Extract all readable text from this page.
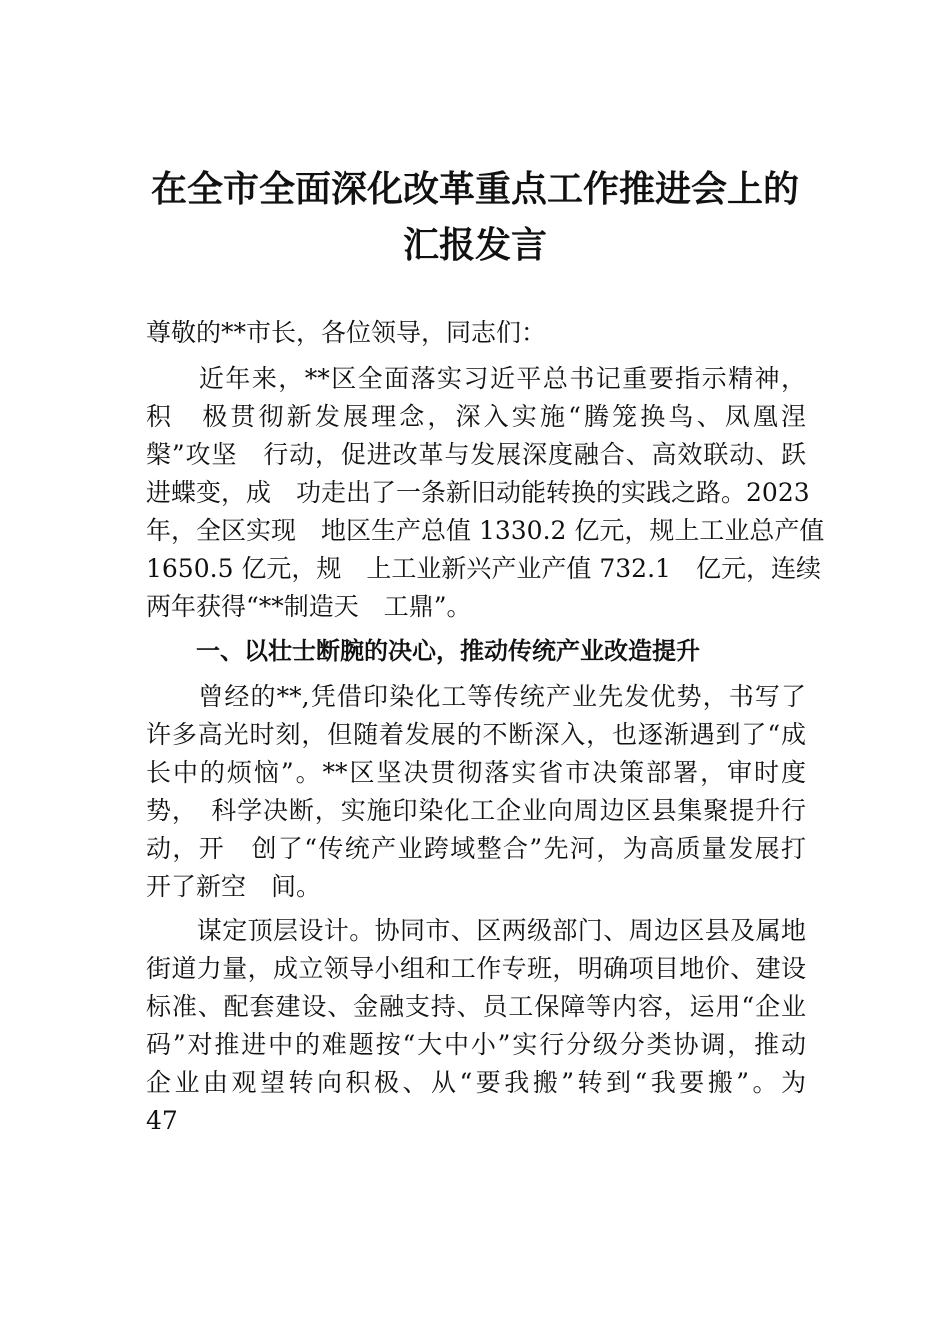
在全市全面深化改革重点工作推进会上的
汇报发言
尊敬的**市长，各位领导，同志们：
　　近年来，**区全面落实习近平总书记重要指示精神，
积　极贯彻新发展理念，深入实施“腾笼换鸟、凤凰涅
槃”攻坚　行动，促进改革与发展深度融合、高效联动、跃
进蝶变，成　功走出了一条新旧动能转换的实践之路。2023
年，全区实现　地区生产总值 1330.2 亿元，规上工业总产值
1650.5 亿元，规　上工业新兴产业产值 732.1　亿元，连续
两年获得“**制造天　工鼎”。
一、以壮士断腕的决心，推动传统产业改造提升
　　曾经的**,凭借印染化工等传统产业先发优势，书写了
许多高光时刻，但随着发展的不断深入，也逐渐遇到了“成
长中的烦恼”。**区坚决贯彻落实省市决策部署，审时度
势，　科学决断，实施印染化工企业向周边区县集聚提升行
动，开　创了“传统产业跨域整合”先河，为高质量发展打
开了新空　间。
　　谋定顶层设计。协同市、区两级部门、周边区县及属地
街道力量，成立领导小组和工作专班，明确项目地价、建设
标准、配套建设、金融支持、员工保障等内容，运用“企业
码”对推进中的难题按“大中小”实行分级分类协调，推动
企业由观望转向积极、从“要我搬”转到“我要搬”。为
47
